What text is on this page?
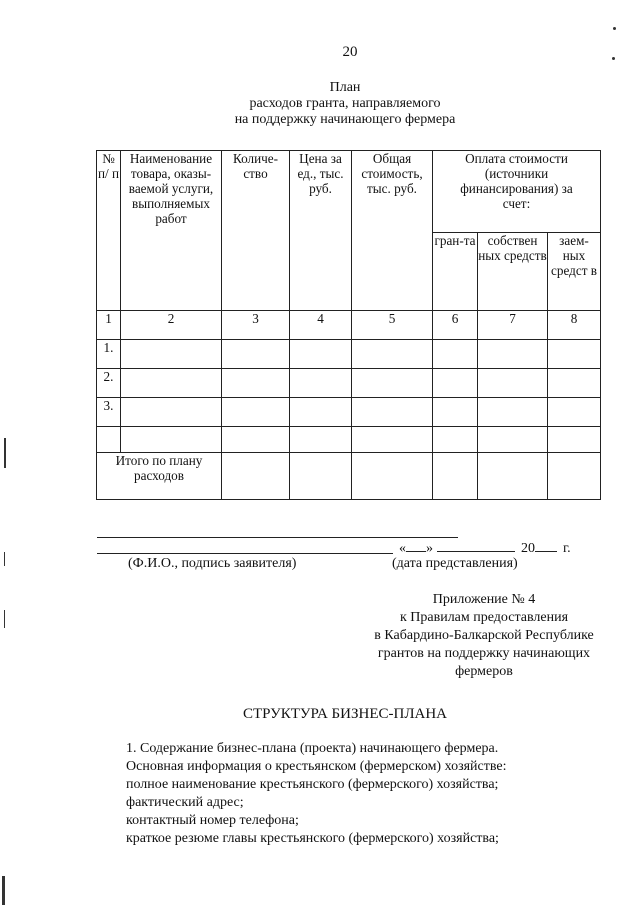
20
План
расходов гранта, направляемого
на поддержку начинающего фермера
№ п/ п	Наименование товара, оказы-ваемой услуги, выполняемых работ	Количе-ство	Цена за ед., тыс. руб.	Общая стоимость, тыс. руб.	Оплата стоимости (источники финансирования) за счет:		
					гран-та	собствен ных средств	заем-ных средст в
1	2	3	4	5	6	7	8
1.							
2.							
3.							

Итого по плану расходов							
« »	20 г.
(Ф.И.О., подпись заявителя)	(дата представления)
Приложение № 4
к Правилам предоставления
в Кабардино-Балкарской Республике
грантов на поддержку начинающих
фермеров
СТРУКТУРА БИЗНЕС-ПЛАНА
1. Содержание бизнес-плана (проекта) начинающего фермера.
Основная информация о крестьянском (фермерском) хозяйстве:
полное наименование крестьянского (фермерского) хозяйства;
фактический адрес;
контактный номер телефона;
краткое резюме главы крестьянского (фермерского) хозяйства;
